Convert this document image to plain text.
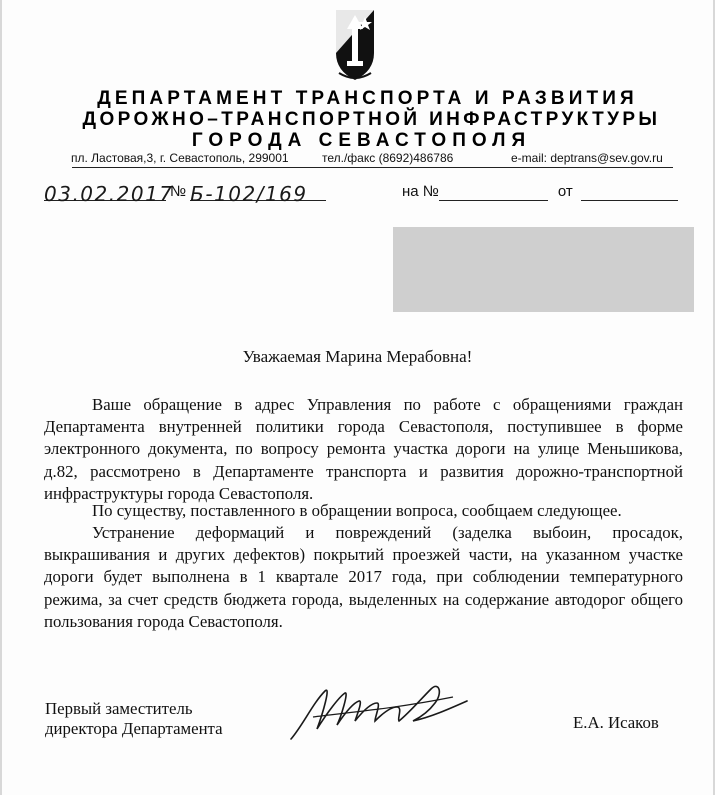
ДЕПАРТАМЕНТ ТРАНСПОРТА И РАЗВИТИЯ
ДОРОЖНО–ТРАНСПОРТНОЙ ИНФРАСТРУКТУРЫ
ГОРОДА СЕВАСТОПОЛЯ
пл. Ластовая,3, г. Севастополь, 299001	тел./факс (8692)486786	e-mail: deptrans@sev.gov.ru
03.02.2017 № Б-102/169	на №	от
Уважаемая Марина Мерабовна!

Ваше обращение в адрес Управления по работе с обращениями граждан Департамента внутренней политики города Севастополя, поступившее в форме электронного документа, по вопросу ремонта участка дороги на улице Меньшикова, д.82, рассмотрено в Департаменте транспорта и развития дорожно-транспортной инфраструктуры города Севастополя.

По существу, поставленного в обращении вопроса, сообщаем следующее.

Устранение деформаций и повреждений (заделка выбоин, просадок, выкрашивания и других дефектов) покрытий проезжей части, на указанном участке дороги будет выполнена в 1 квартале 2017 года, при соблюдении температурного режима, за счет средств бюджета города, выделенных на содержание автодорог общего пользования города Севастополя.

Первый заместитель
директора Департамента	Е.А. Исаков
